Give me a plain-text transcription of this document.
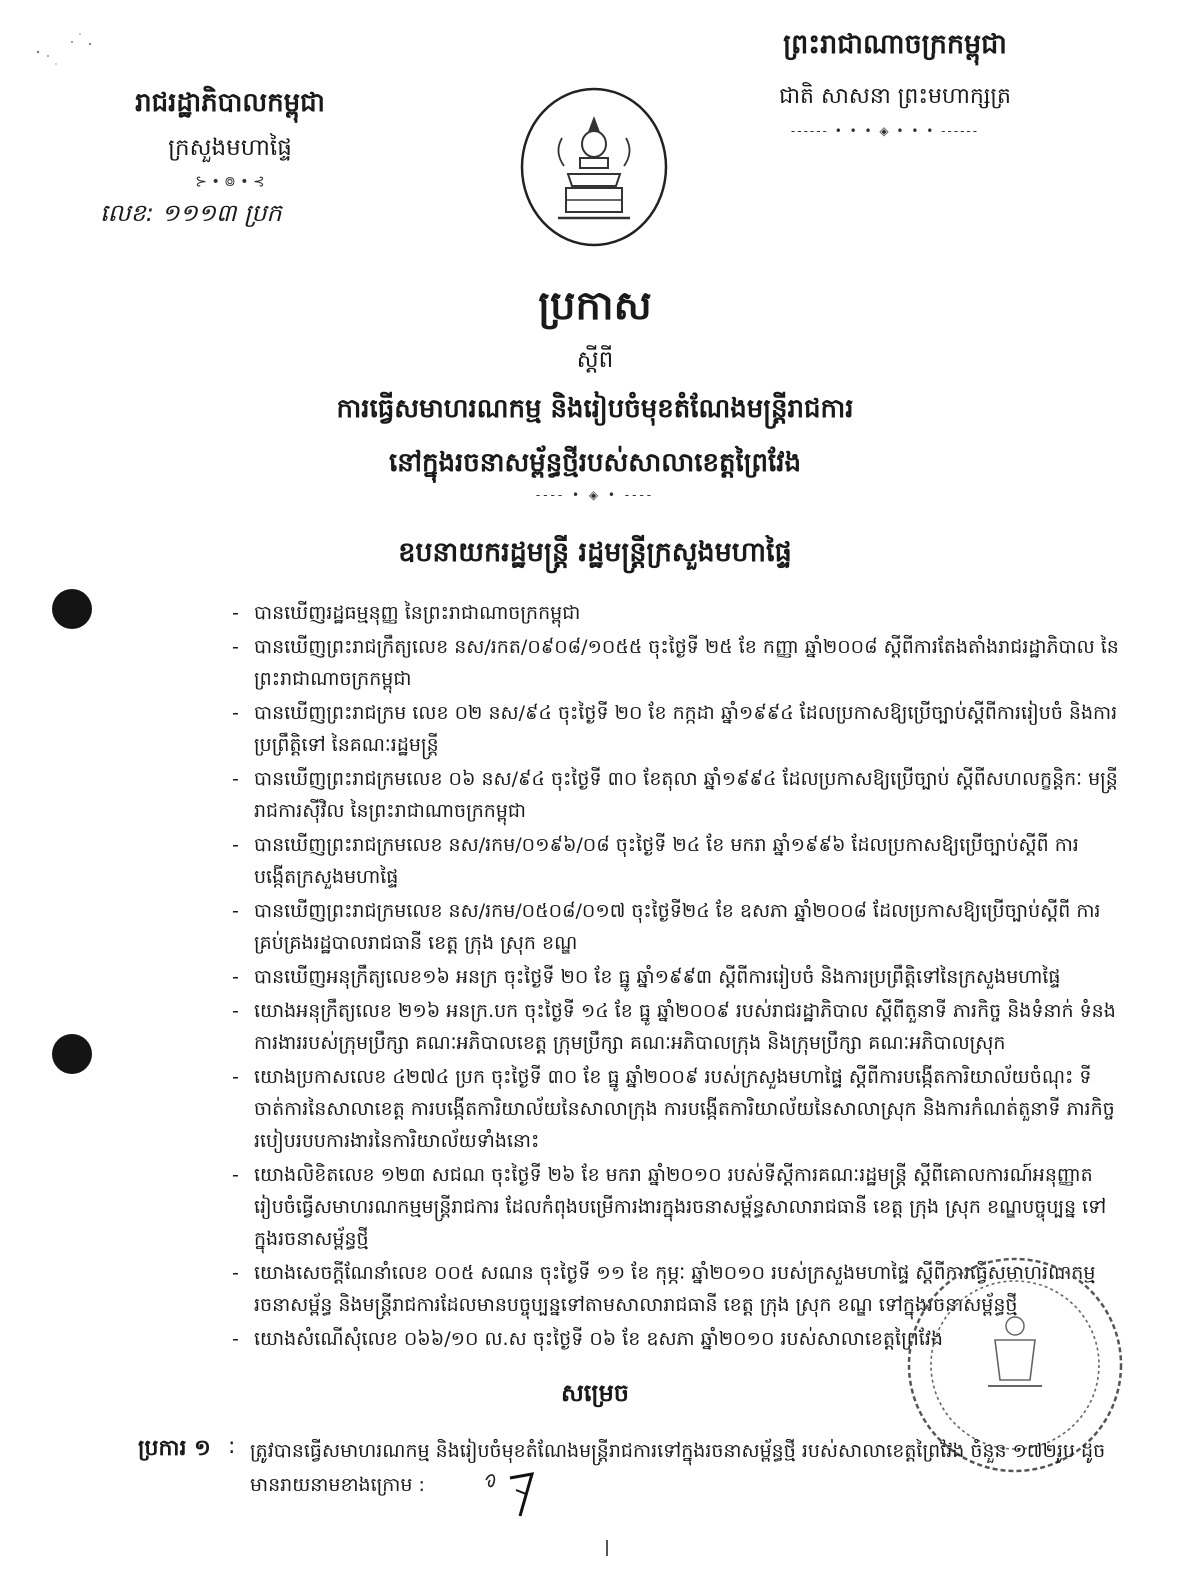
ព្រះរាជាណាចក្រកម្ពុជា
ជាតិ សាសនា ព្រះមហាក្សត្រ
------ • • • ◈ • • • ------
រាជរដ្ឋាភិបាលកម្ពុជា
ក្រសួងមហាផ្ទៃ
⊱ • ៙ • ⊰
លេខ: ១១១៣ ប្រក
ប្រកាស
ស្តីពី
ការធ្វើសមាហរណកម្ម និងរៀបចំមុខតំណែងមន្ត្រីរាជការ
នៅក្នុងរចនាសម្ព័ន្ធថ្មីរបស់សាលាខេត្តព្រៃវែង
---- • ◈ • ----
ឧបនាយករដ្ឋមន្ត្រី រដ្ឋមន្ត្រីក្រសួងមហាផ្ទៃ
- បានឃើញរដ្ឋធម្មនុញ្ញ នៃព្រះរាជាណាចក្រកម្ពុជា
- បានឃើញព្រះរាជក្រឹត្យលេខ នស/រកត/០៩០៨/១០៥៥ ចុះថ្ងៃទី ២៥ ខែ កញ្ញា ឆ្នាំ២០០៨ ស្តីពីការតែងតាំងរាជរដ្ឋាភិបាល នៃព្រះរាជាណាចក្រកម្ពុជា
- បានឃើញព្រះរាជក្រម លេខ ០២ នស/៩៤ ចុះថ្ងៃទី ២០ ខែ កក្កដា ឆ្នាំ១៩៩៤ ដែលប្រកាសឱ្យប្រើច្បាប់ស្តីពីការរៀបចំ និងការប្រព្រឹត្តិទៅ នៃគណៈរដ្ឋមន្ត្រី
- បានឃើញព្រះរាជក្រមលេខ ០៦ នស/៩៤ ចុះថ្ងៃទី ៣០ ខែតុលា ឆ្នាំ១៩៩៤ ដែលប្រកាសឱ្យប្រើច្បាប់ ស្តីពីសហលក្ខន្តិកៈ មន្ត្រីរាជការស៊ីវិល នៃព្រះរាជាណាចក្រកម្ពុជា
- បានឃើញព្រះរាជក្រមលេខ នស/រកម/០១៩៦/០៨ ចុះថ្ងៃទី ២៤ ខែ មករា ឆ្នាំ១៩៩៦ ដែលប្រកាសឱ្យប្រើច្បាប់ស្តីពី ការបង្កើតក្រសួងមហាផ្ទៃ
- បានឃើញព្រះរាជក្រមលេខ នស/រកម/០៥០៨/០១៧ ចុះថ្ងៃទី២៤ ខែ ឧសភា ឆ្នាំ២០០៨ ដែលប្រកាសឱ្យប្រើច្បាប់ស្តីពី ការគ្រប់គ្រងរដ្ឋបាលរាជធានី ខេត្ត ក្រុង ស្រុក ខណ្ឌ
- បានឃើញអនុក្រឹត្យលេខ១៦ អនក្រ ចុះថ្ងៃទី ២០ ខែ ធ្នូ ឆ្នាំ១៩៩៣ ស្តីពីការរៀបចំ និងការប្រព្រឹត្តិទៅនៃក្រសួងមហាផ្ទៃ
- យោងអនុក្រឹត្យលេខ ២១៦ អនក្រ.បក ចុះថ្ងៃទី ១៤ ខែ ធ្នូ ឆ្នាំ២០០៩ របស់រាជរដ្ឋាភិបាល ស្តីពីតួនាទី ភារកិច្ច និងទំនាក់ ទំនងការងាររបស់ក្រុមប្រឹក្សា គណៈអភិបាលខេត្ត ក្រុមប្រឹក្សា គណៈអភិបាលក្រុង និងក្រុមប្រឹក្សា គណៈអភិបាលស្រុក
- យោងប្រកាសលេខ ៤២៧៤ ប្រក ចុះថ្ងៃទី ៣០ ខែ ធ្នូ ឆ្នាំ២០០៩ របស់ក្រសួងមហាផ្ទៃ ស្តីពីការបង្កើតការិយាល័យចំណុះ ទីចាត់ការនៃសាលាខេត្ត ការបង្កើតការិយាល័យនៃសាលាក្រុង ការបង្កើតការិយាល័យនៃសាលាស្រុក និងការកំណត់តួនាទី ភារកិច្ច របៀបរបបការងារនៃការិយាល័យទាំងនោះ
- យោងលិខិតលេខ ១២៣ សជណ ចុះថ្ងៃទី ២៦ ខែ មករា ឆ្នាំ២០១០ របស់ទីស្តីការគណៈរដ្ឋមន្ត្រី ស្តីពីគោលការណ៍អនុញ្ញាត រៀបចំធ្វើសមាហរណកម្មមន្ត្រីរាជការ ដែលកំពុងបម្រើការងារក្នុងរចនាសម្ព័ន្ធសាលារាជធានី ខេត្ត ក្រុង ស្រុក ខណ្ឌបច្ចុប្បន្ន ទៅក្នុងរចនាសម្ព័ន្ធថ្មី
- យោងសេចក្តីណែនាំលេខ ០០៥ សណន ចុះថ្ងៃទី ១១ ខែ កុម្ភៈ ឆ្នាំ២០១០ របស់ក្រសួងមហាផ្ទៃ ស្តីពីការធ្វើសមាហរណកម្ម រចនាសម្ព័ន្ធ និងមន្ត្រីរាជការដែលមានបច្ចុប្បន្នទៅតាមសាលារាជធានី ខេត្ត ក្រុង ស្រុក ខណ្ឌ ទៅក្នុងរចនាសម្ព័ន្ធថ្មី
- យោងសំណើសុំលេខ ០៦៦/១០ ល.ស ចុះថ្ងៃទី ០៦ ខែ ឧសភា ឆ្នាំ២០១០ របស់សាលាខេត្តព្រៃវែង
សម្រេច
ប្រការ ១ : ត្រូវបានធ្វើសមាហរណកម្ម និងរៀបចំមុខតំណែងមន្ត្រីរាជការទៅក្នុងរចនាសម្ព័ន្ធថ្មី របស់សាលាខេត្តព្រៃវែង ចំនួន ១៧២រូប ដូចមានរាយនាមខាងក្រោម :
